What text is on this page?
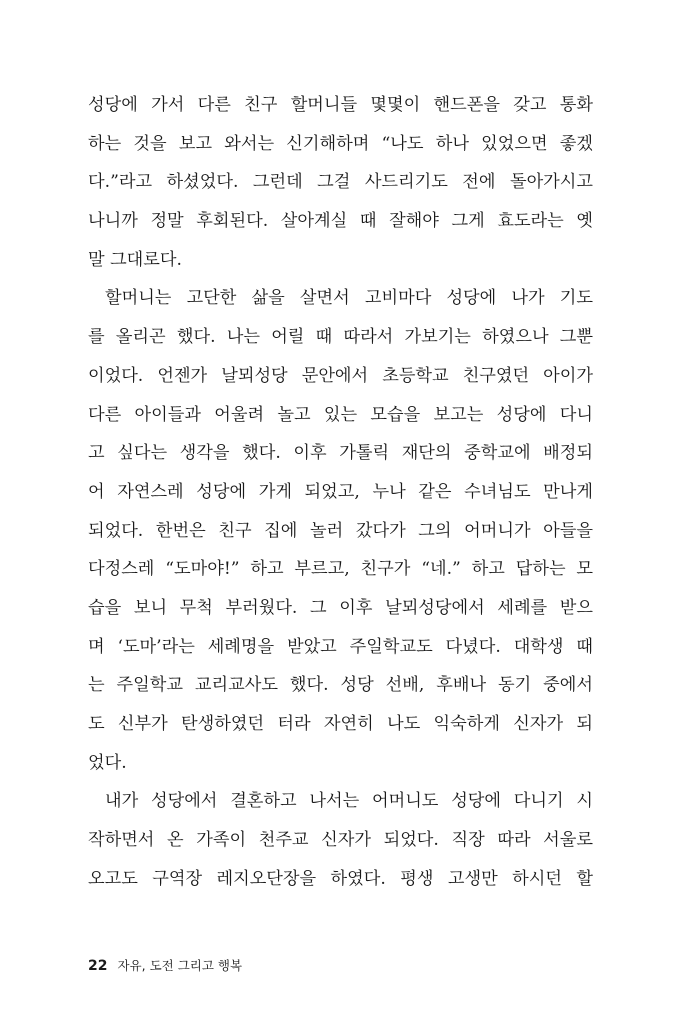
성당에 가서 다른 친구 할머니들 몇몇이 핸드폰을 갖고 통화
하는 것을 보고 와서는 신기해하며 “나도 하나 있었으면 좋겠
다.”라고 하셨었다. 그런데 그걸 사드리기도 전에 돌아가시고
나니까 정말 후회된다. 살아계실 때 잘해야 그게 효도라는 옛
말 그대로다.
할머니는 고단한 삶을 살면서 고비마다 성당에 나가 기도
를 올리곤 했다. 나는 어릴 때 따라서 가보기는 하였으나 그뿐
이었다. 언젠가 날뫼성당 문안에서 초등학교 친구였던 아이가
다른 아이들과 어울려 놀고 있는 모습을 보고는 성당에 다니
고 싶다는 생각을 했다. 이후 가톨릭 재단의 중학교에 배정되
어 자연스레 성당에 가게 되었고, 누나 같은 수녀님도 만나게
되었다. 한번은 친구 집에 놀러 갔다가 그의 어머니가 아들을
다정스레 “도마야!” 하고 부르고, 친구가 “네.” 하고 답하는 모
습을 보니 무척 부러웠다. 그 이후 날뫼성당에서 세례를 받으
며 ‘도마’라는 세례명을 받았고 주일학교도 다녔다. 대학생 때
는 주일학교 교리교사도 했다. 성당 선배, 후배나 동기 중에서
도 신부가 탄생하였던 터라 자연히 나도 익숙하게 신자가 되
었다.
내가 성당에서 결혼하고 나서는 어머니도 성당에 다니기 시
작하면서 온 가족이 천주교 신자가 되었다. 직장 따라 서울로
오고도 구역장 레지오단장을 하였다. 평생 고생만 하시던 할
22 자유, 도전 그리고 행복
